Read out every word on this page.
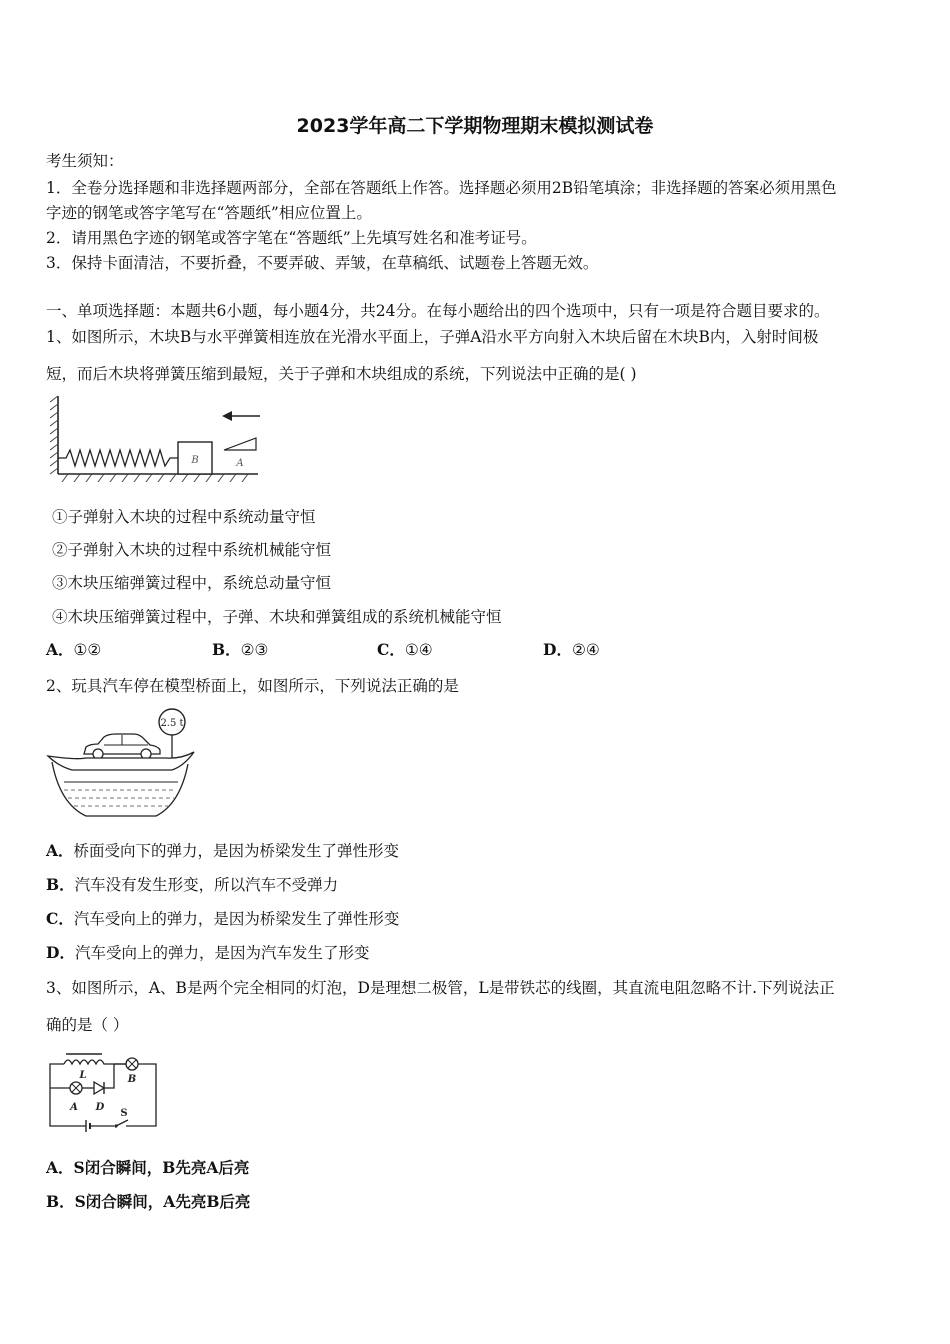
2023学年高二下学期物理期末模拟测试卷
考生须知：
1．全卷分选择题和非选择题两部分，全部在答题纸上作答。选择题必须用2B铅笔填涂；非选择题的答案必须用黑色
字迹的钢笔或答字笔写在“答题纸”相应位置上。
2．请用黑色字迹的钢笔或答字笔在“答题纸”上先填写姓名和准考证号。
3．保持卡面清洁，不要折叠，不要弄破、弄皱，在草稿纸、试题卷上答题无效。
一、单项选择题：本题共6小题，每小题4分，共24分。在每小题给出的四个选项中，只有一项是符合题目要求的。
1、如图所示，木块B与水平弹簧相连放在光滑水平面上，子弹A沿水平方向射入木块后留在木块B内，入射时间极
短，而后木块将弹簧压缩到最短，关于子弹和木块组成的系统，下列说法中正确的是( )
B	A
①子弹射入木块的过程中系统动量守恒
②子弹射入木块的过程中系统机械能守恒
③木块压缩弹簧过程中，系统总动量守恒
④木块压缩弹簧过程中，子弹、木块和弹簧组成的系统机械能守恒
A．①②	B．②③	C．①④	D．②④
2、玩具汽车停在模型桥面上，如图所示，下列说法正确的是
2.5 t
A．桥面受向下的弹力，是因为桥梁发生了弹性形变
B．汽车没有发生形变，所以汽车不受弹力
C．汽车受向上的弹力，是因为桥梁发生了弹性形变
D．汽车受向上的弹力，是因为汽车发生了形变
3、如图所示，A、B是两个完全相同的灯泡，D是理想二极管，L是带铁芯的线圈，其直流电阻忽略不计.下列说法正
确的是（ ）
L	B
A D
S
A．S闭合瞬间，B先亮A后亮
B．S闭合瞬间，A先亮B后亮
